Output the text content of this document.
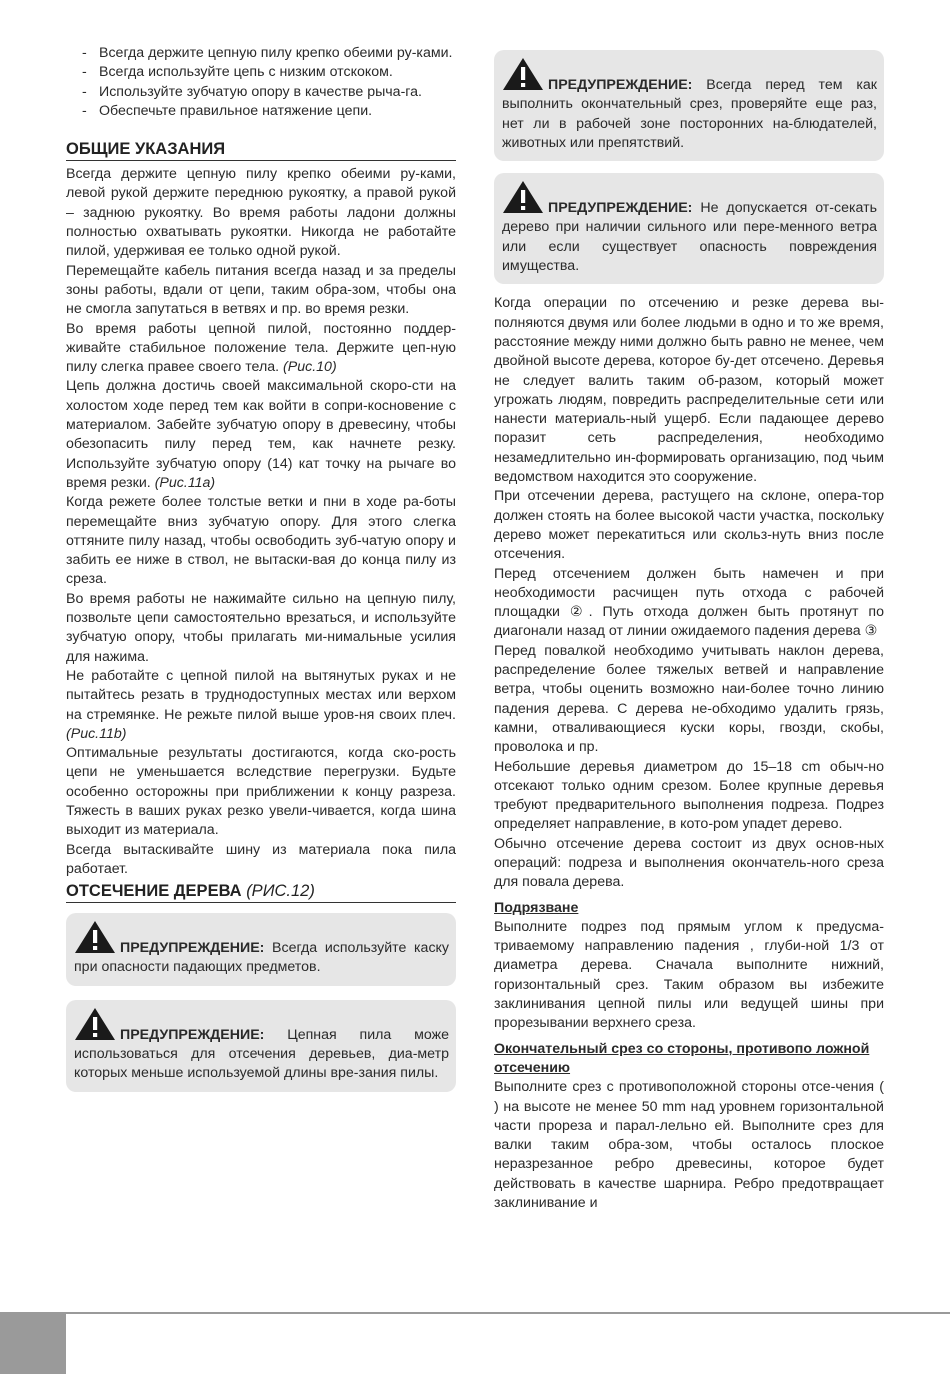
- Всегда держите цепную пилу крепко обеими ру-ками.
- Всегда используйте цепь с низким отскоком.
- Используйте зубчатую опору в качестве рыча-га.
- Обеспечьте правильное натяжение цепи.
ОБЩИЕ УКАЗАНИЯ

Всегда держите цепную пилу крепко обеими ру-ками, левой рукой держите переднюю рукоятку, а правой рукой – заднюю рукоятку. Во время работы ладони должны полностью охватывать рукоятки. Никогда не работайте пилой, удерживая ее только одной рукой.

Перемещайте кабель питания всегда назад и за пределы зоны работы, вдали от цепи, таким обра-зом, чтобы она не смогла запутаться в ветвях и пр. во время резки.

Во время работы цепной пилой, постоянно поддер-живайте стабильное положение тела. Держите цеп-ную пилу слегка правее своего тела. (Рис.10)

Цепь должна достичь своей максимальной скоро-сти на холостом ходе перед тем как войти в сопри-косновение с материалом. Забейте зубчатую опору в древесину, чтобы обезопасить пилу перед тем, как начнете резку. Используйте зубчатую опору (14) кат точку на рычаге во время резки. (Рис.11а)

Когда режете более толстые ветки и пни в ходе ра-боты перемещайте вниз зубчатую опору. Для этого слегка оттяните пилу назад, чтобы освободить зуб-чатую опору и забить ее ниже в ствол, не вытаски-вая до конца пилу из среза.

Во время работы не нажимайте сильно на цепную пилу, позвольте цепи самостоятельно врезаться, и используйте зубчатую опору, чтобы прилагать ми-нимальные усилия для нажима.

Не работайте с цепной пилой на вытянутых руках и не пытайтесь резать в труднодоступных местах или верхом на стремянке. Не режьте пилой выше уров-ня своих плеч. (Рис.11b)

Оптимальные результаты достигаются, когда ско-рость цепи не уменьшается вследствие перегрузки. Будьте особенно осторожны при приближении к концу разреза. Тяжесть в ваших руках резко увели-чивается, когда шина выходит из материала.

Всегда вытаскивайте шину из материала пока пила работает.

ОТСЕЧЕНИЕ ДЕРЕВА (РИС.12)

ПРЕДУПРЕЖДЕНИЕ: Всегда используйте каску при опасности падающих предметов.

ПРЕДУПРЕЖДЕНИЕ: Цепная пила може использоваться для отсечения деревьев, диа-метр которых меньше используемой длины вре-зания пилы.

ПРЕДУПРЕЖДЕНИЕ: Всегда перед тем как выполнить окончательный срез, проверяйте еще раз, нет ли в рабочей зоне посторонних на-блюдателей, животных или препятствий.

ПРЕДУПРЕЖДЕНИЕ: Не допускается от-секать дерево при наличии сильного или пере-менного ветра или если существует опасность повреждения имущества.

Когда операции по отсечению и резке дерева вы-полняются двумя или более людьми в одно и то же время, расстояние между ними должно быть равно не менее, чем двойной высоте дерева, которое бу-дет отсечено. Деревья не следует валить таким об-разом, который может угрожать людям, повредить распределительные сети или нанести материаль-ный ущерб. Если падающее дерево поразит сеть распределения, необходимо незамедлительно ин-формировать организацию, под чьим ведомством находится это сооружение.

При отсечении дерева, растущего на склоне, опера-тор должен стоять на более высокой части участка, поскольку дерево может перекатиться или скольз-нуть вниз после отсечения.

Перед отсечением должен быть намечен и при необходимости расчищен путь отхода с рабочей площадки ②. Путь отхода должен быть протянут по диагонали назад от линии ожидаемого падения дерева ③

Перед повалкой необходимо учитывать наклон дерева, распределение более тяжелых ветвей и направление ветра, чтобы оценить возможно наи-более точно линию падения дерева. С дерева не-обходимо удалить грязь, камни, отваливающиеся куски коры, гвозди, скобы, проволока и пр.

Небольшие деревья диаметром до 15–18 cm обыч-но отсекают только одним срезом. Более крупные деревья требуют предварительного выполнения подреза. Подрез определяет направление, в кото-ром упадет дерево.

Обычно отсечение дерева состоит из двух основ-ных операций: подреза и выполнения окончатель-ного среза для повала дерева.

Подрязване

Выполните подрез под прямым углом к предусма-триваемому направлению падения , глуби-ной 1/3 от диаметра дерева. Сначала выполните нижний, горизонтальный срез. Таким образом вы избежите заклинивания цепной пилы или ведущей шины при прорезывании верхнего среза.

Окончательный срез со стороны, противопо ложной отсечению

Выполните срез с противоположной стороны отсе-чения ( ) на высоте не менее 50 mm над уровнем горизонтальной части прореза и парал-лельно ей. Выполните срез для валки таким обра-зом, чтобы осталось плоское неразрезанное ребро древесины, которое будет действовать в качестве шарнира. Ребро предотвращает заклинивание и
